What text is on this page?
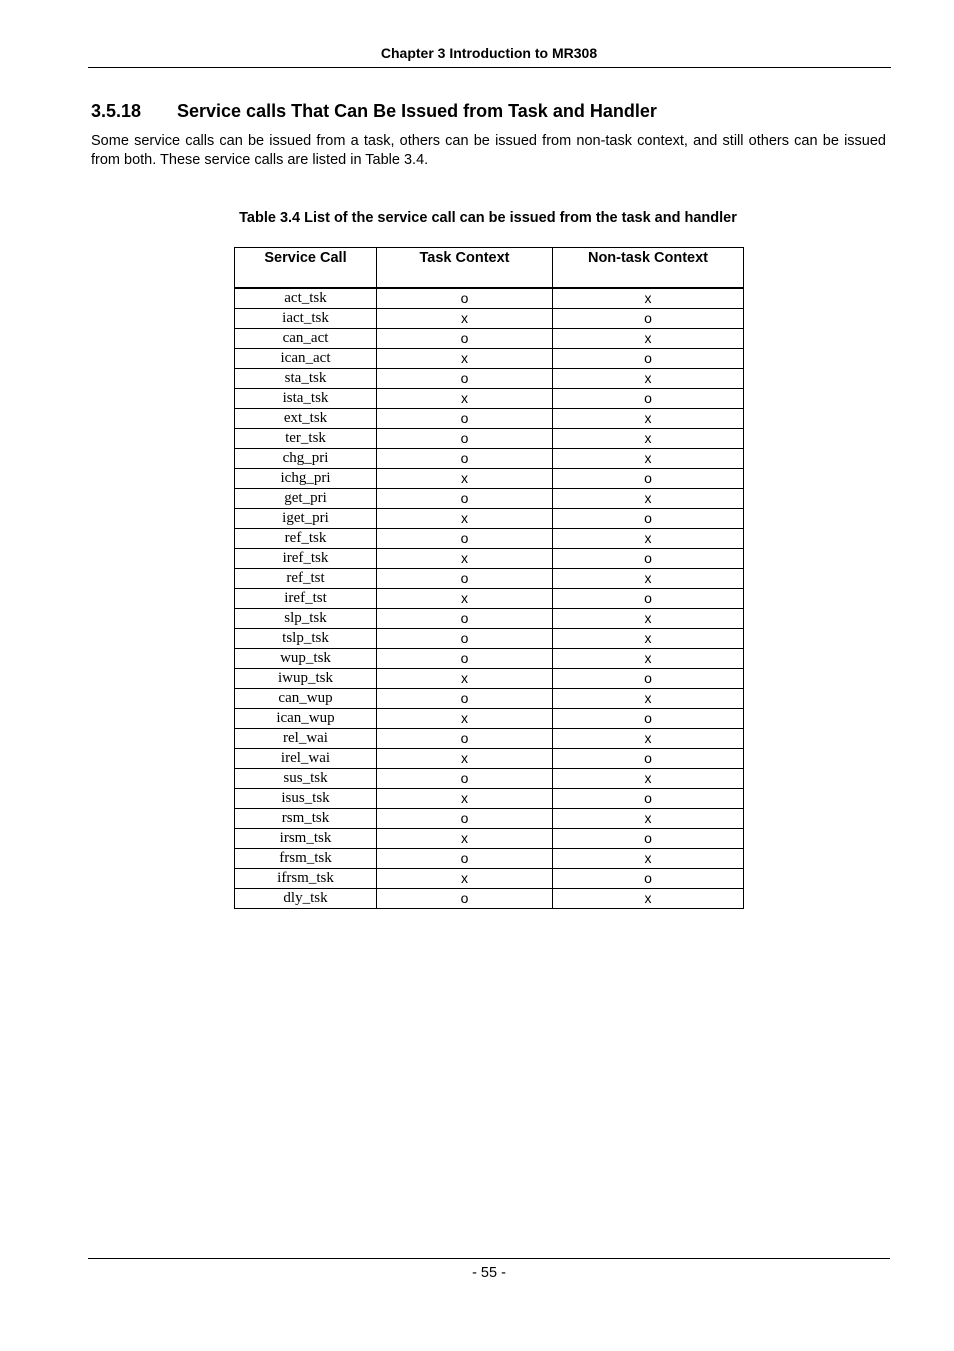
Chapter 3 Introduction to MR308
3.5.18 Service calls That Can Be Issued from Task and Handler
Some service calls can be issued from a task, others can be issued from non-task context, and still others can be issued from both. These service calls are listed in Table 3.4.
Table 3.4 List of the service call can be issued from the task and handler
Service Call	Task Context	Non-task Context
act_tsk	o	x
iact_tsk	x	o
can_act	o	x
ican_act	x	o
sta_tsk	o	x
ista_tsk	x	o
ext_tsk	o	x
ter_tsk	o	x
chg_pri	o	x
ichg_pri	x	o
get_pri	o	x
iget_pri	x	o
ref_tsk	o	x
iref_tsk	x	o
ref_tst	o	x
iref_tst	x	o
slp_tsk	o	x
tslp_tsk	o	x
wup_tsk	o	x
iwup_tsk	x	o
can_wup	o	x
ican_wup	x	o
rel_wai	o	x
irel_wai	x	o
sus_tsk	o	x
isus_tsk	x	o
rsm_tsk	o	x
irsm_tsk	x	o
frsm_tsk	o	x
ifrsm_tsk	x	o
dly_tsk	o	x
- 55 -
